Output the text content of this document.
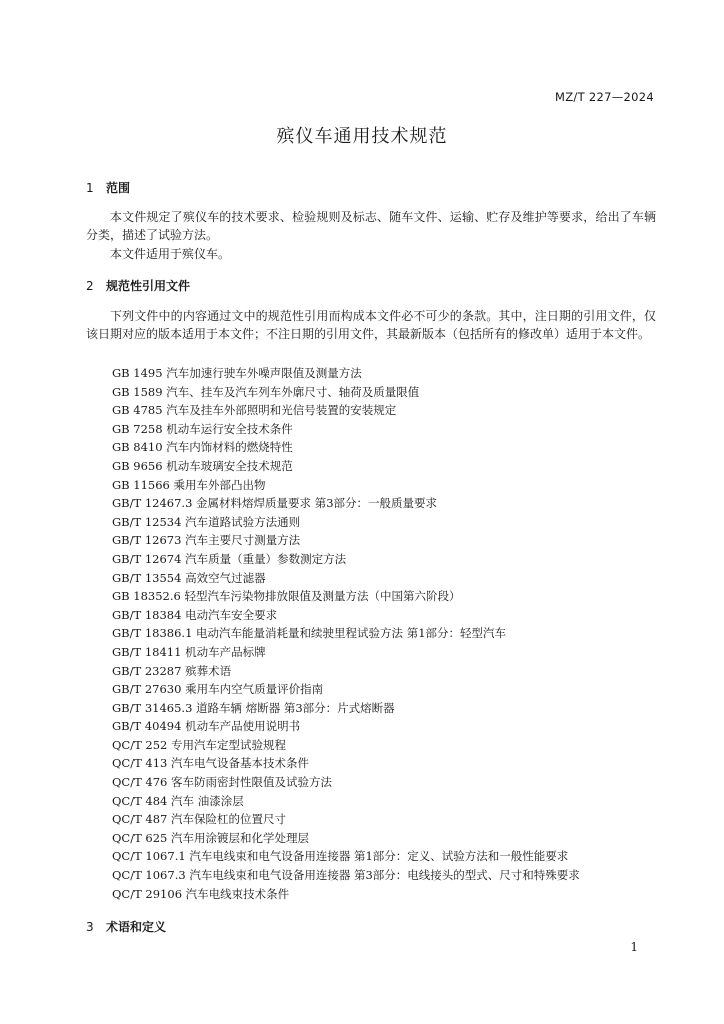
MZ/T 227—2024
殡仪车通用技术规范
1 范围

本文件规定了殡仪车的技术要求、检验规则及标志、随车文件、运输、贮存及维护等要求，给出了车辆分类，描述了试验方法。

本文件适用于殡仪车。

2 规范性引用文件

下列文件中的内容通过文中的规范性引用而构成本文件必不可少的条款。其中，注日期的引用文件，仅该日期对应的版本适用于本文件；不注日期的引用文件，其最新版本（包括所有的修改单）适用于本文件。

GB 1495 汽车加速行驶车外噪声限值及测量方法
GB 1589 汽车、挂车及汽车列车外廓尺寸、轴荷及质量限值
GB 4785 汽车及挂车外部照明和光信号装置的安装规定
GB 7258 机动车运行安全技术条件
GB 8410 汽车内饰材料的燃烧特性
GB 9656 机动车玻璃安全技术规范
GB 11566 乘用车外部凸出物
GB/T 12467.3 金属材料熔焊质量要求 第3部分：一般质量要求
GB/T 12534 汽车道路试验方法通则
GB/T 12673 汽车主要尺寸测量方法
GB/T 12674 汽车质量（重量）参数测定方法
GB/T 13554 高效空气过滤器
GB 18352.6 轻型汽车污染物排放限值及测量方法（中国第六阶段）
GB/T 18384 电动汽车安全要求
GB/T 18386.1 电动汽车能量消耗量和续驶里程试验方法 第1部分：轻型汽车
GB/T 18411 机动车产品标牌
GB/T 23287 殡葬术语
GB/T 27630 乘用车内空气质量评价指南
GB/T 31465.3 道路车辆 熔断器 第3部分：片式熔断器
GB/T 40494 机动车产品使用说明书
QC/T 252 专用汽车定型试验规程
QC/T 413 汽车电气设备基本技术条件
QC/T 476 客车防雨密封性限值及试验方法
QC/T 484 汽车 油漆涂层
QC/T 487 汽车保险杠的位置尺寸
QC/T 625 汽车用涂镀层和化学处理层
QC/T 1067.1 汽车电线束和电气设备用连接器 第1部分：定义、试验方法和一般性能要求
QC/T 1067.3 汽车电线束和电气设备用连接器 第3部分：电线接头的型式、尺寸和特殊要求
QC/T 29106 汽车电线束技术条件
3 术语和定义
1
